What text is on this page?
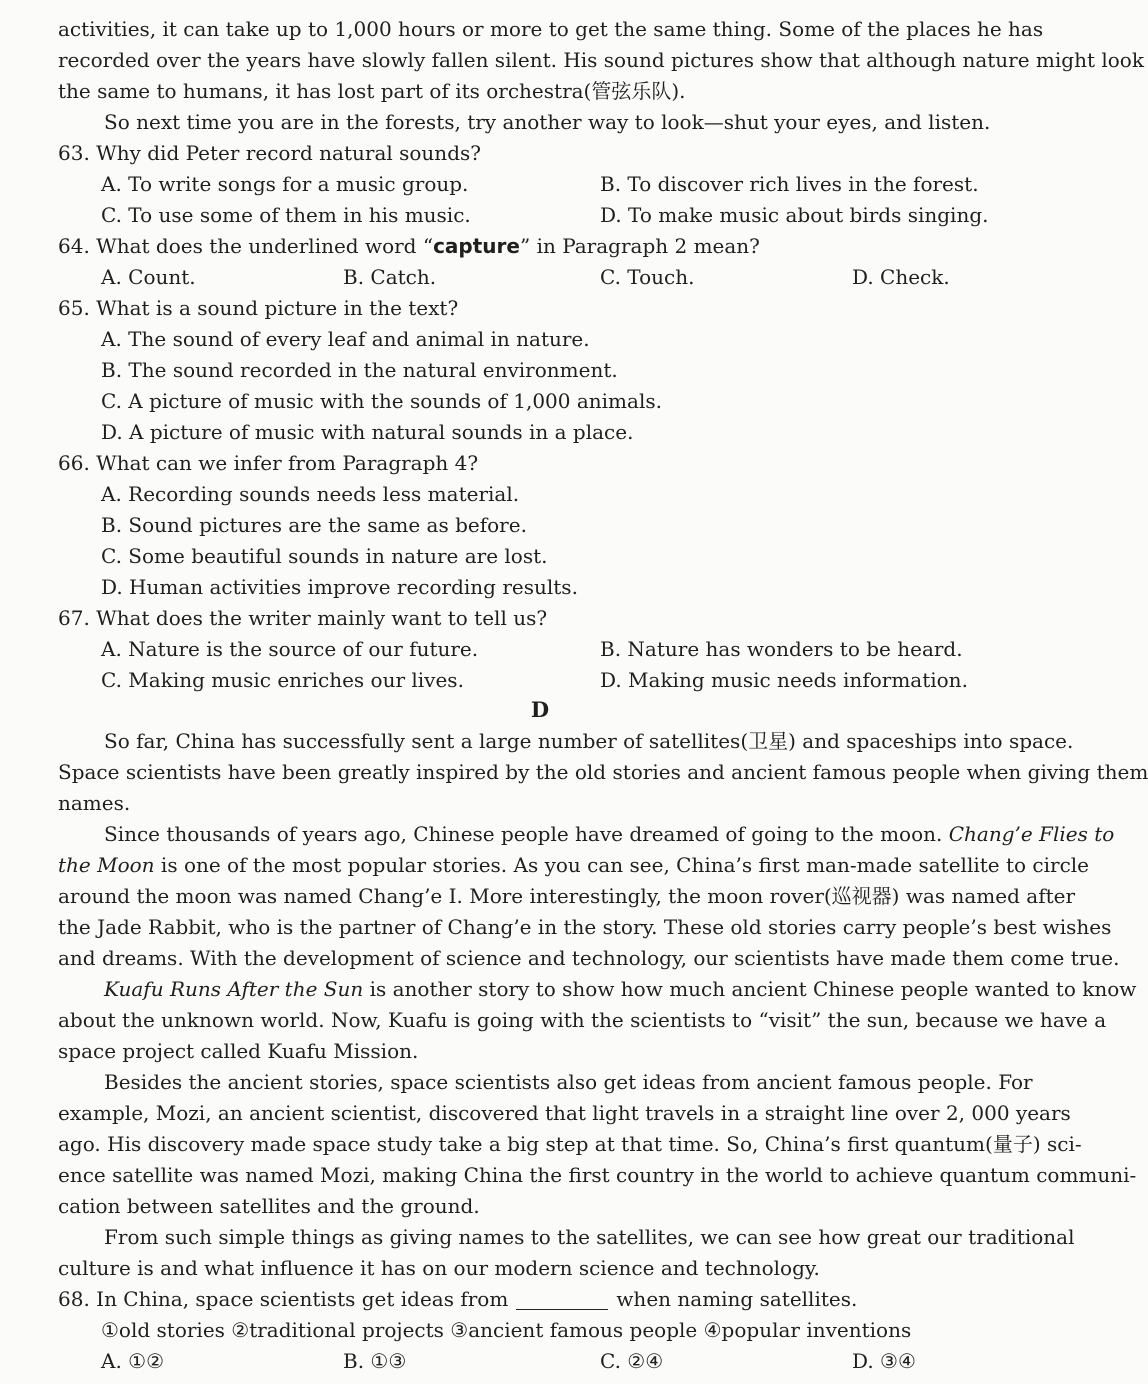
activities, it can take up to 1,000 hours or more to get the same thing. Some of the places he has
recorded over the years have slowly fallen silent. His sound pictures show that although nature might look
the same to humans, it has lost part of its orchestra(管弦乐队).
So next time you are in the forests, try another way to look—shut your eyes, and listen.
63. Why did Peter record natural sounds?
A. To write songs for a music group.	B. To discover rich lives in the forest.
C. To use some of them in his music.	D. To make music about birds singing.
64. What does the underlined word “capture” in Paragraph 2 mean?
A. Count.	B. Catch.	C. Touch.	D. Check.
65. What is a sound picture in the text?
A. The sound of every leaf and animal in nature.
B. The sound recorded in the natural environment.
C. A picture of music with the sounds of 1,000 animals.
D. A picture of music with natural sounds in a place.
66. What can we infer from Paragraph 4?
A. Recording sounds needs less material.
B. Sound pictures are the same as before.
C. Some beautiful sounds in nature are lost.
D. Human activities improve recording results.
67. What does the writer mainly want to tell us?
A. Nature is the source of our future.	B. Nature has wonders to be heard.
C. Making music enriches our lives.	D. Making music needs information.
D
So far, China has successfully sent a large number of satellites(卫星) and spaceships into space.
Space scientists have been greatly inspired by the old stories and ancient famous people when giving them
names.
Since thousands of years ago, Chinese people have dreamed of going to the moon. Chang’e Flies to
the Moon is one of the most popular stories. As you can see, China’s first man-made satellite to circle
around the moon was named Chang’e Ⅰ. More interestingly, the moon rover(巡视器) was named after
the Jade Rabbit, who is the partner of Chang’e in the story. These old stories carry people’s best wishes
and dreams. With the development of science and technology, our scientists have made them come true.
Kuafu Runs After the Sun is another story to show how much ancient Chinese people wanted to know
about the unknown world. Now, Kuafu is going with the scientists to “visit” the sun, because we have a
space project called Kuafu Mission.
Besides the ancient stories, space scientists also get ideas from ancient famous people. For
example, Mozi, an ancient scientist, discovered that light travels in a straight line over 2, 000 years
ago. His discovery made space study take a big step at that time. So, China’s first quantum(量子) sci-
ence satellite was named Mozi, making China the first country in the world to achieve quantum communi-
cation between satellites and the ground.
From such simple things as giving names to the satellites, we can see how great our traditional
culture is and what influence it has on our modern science and technology.
68. In China, space scientists get ideas from	when naming satellites.
①old stories ②traditional projects ③ancient famous people ④popular inventions
A. ①②	B. ①③	C. ②④	D. ③④
